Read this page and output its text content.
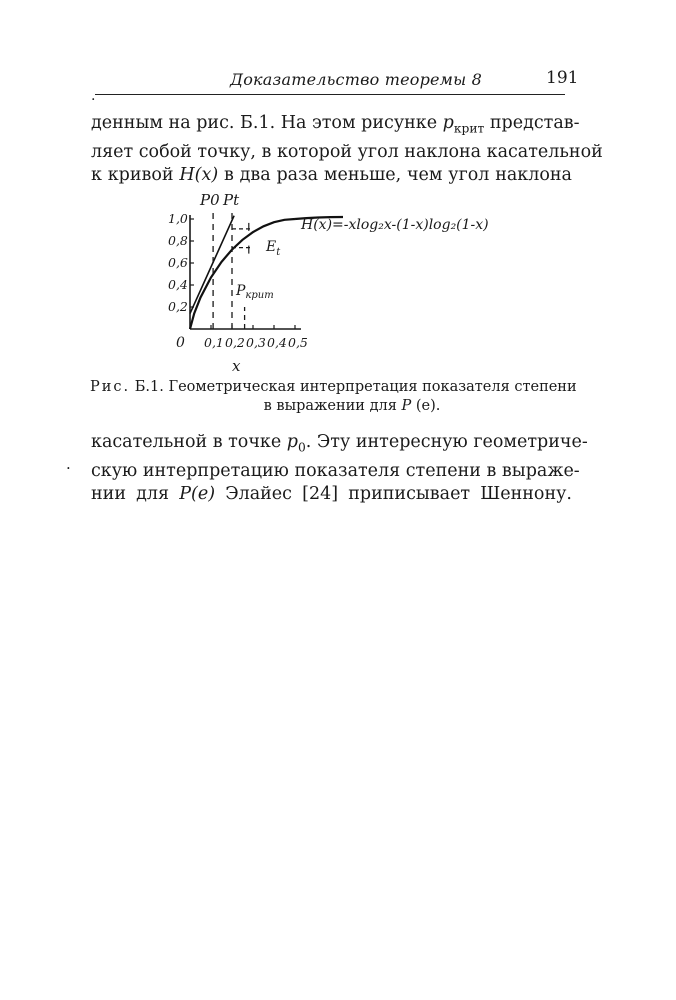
.
Доказательство теоремы 8	191
денным на рис. Б.1. На этом рисунке $p_{крит}$ представ-
ляет собой точку, в которой угол наклона касательной
к кривой H(x) в два раза меньше, чем угол наклона
0,1 0,2 0,3 0,4 0,5
0,2
0,4
0,6
0,8
1,0
P0 Pt
H(x)=-xlog₂x-(1-x)log₂(1-x)
$E_t$
$P_{крит}$
0
x
Рис. Б.1. Геометрическая интерпретация показателя степени
в выражении для P (e).
·
касательной в точке $p_0$. Эту интересную геометриче-
скую интерпретацию показателя степени в выраже-
нии для P(e) Элайес [24] приписывает Шеннону.
